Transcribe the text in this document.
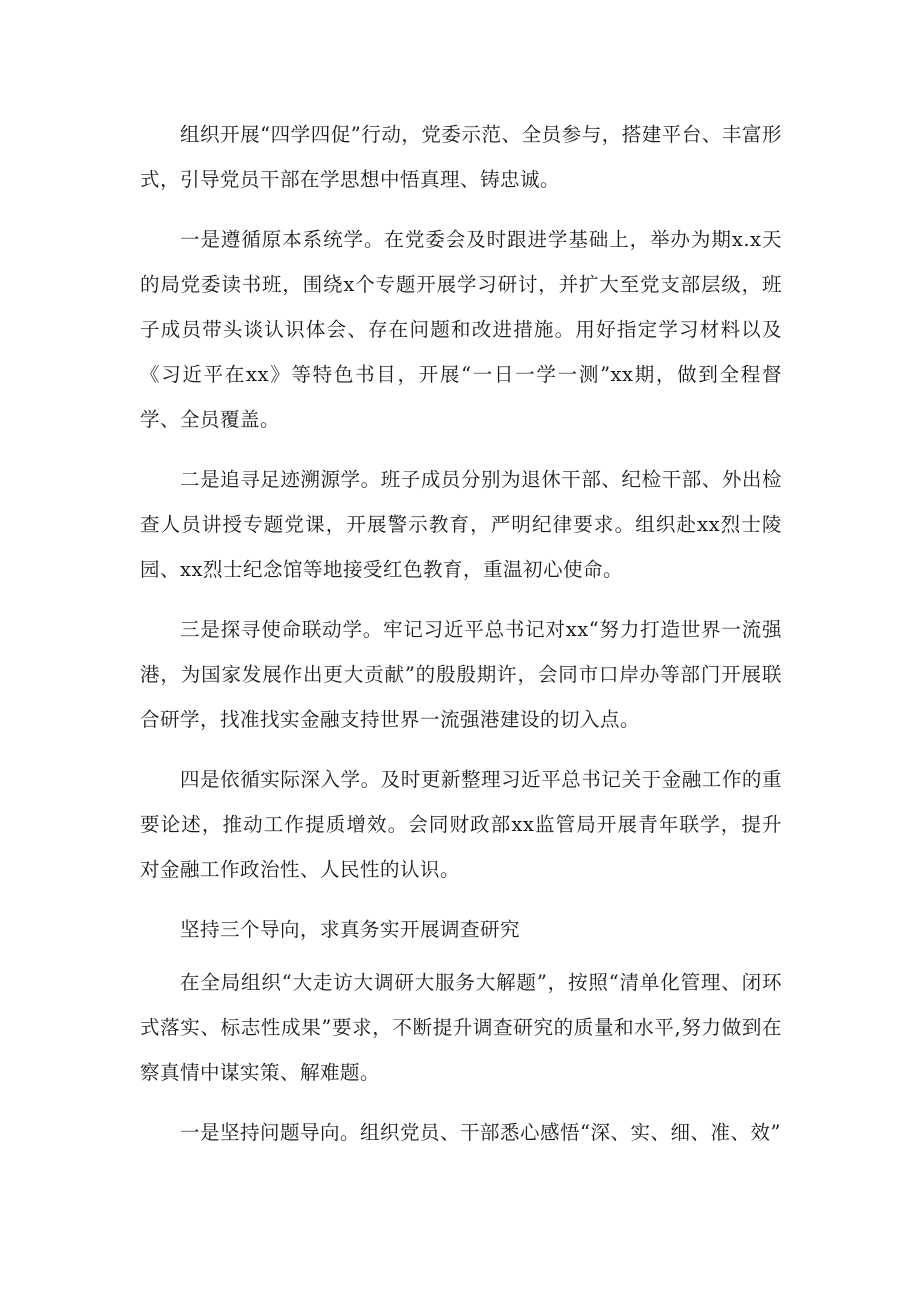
组织开展“四学四促”行动，党委示范、全员参与，搭建平台、丰富形式，引导党员干部在学思想中悟真理、铸忠诚。

一是遵循原本系统学。在党委会及时跟进学基础上，举办为期x.x天的局党委读书班，围绕x个专题开展学习研讨，并扩大至党支部层级，班子成员带头谈认识体会、存在问题和改进措施。用好指定学习材料以及《习近平在xx》等特色书目，开展“一日一学一测”xx期，做到全程督学、全员覆盖。

二是追寻足迹溯源学。班子成员分别为退休干部、纪检干部、外出检查人员讲授专题党课，开展警示教育，严明纪律要求。组织赴xx烈士陵园、xx烈士纪念馆等地接受红色教育，重温初心使命。

三是探寻使命联动学。牢记习近平总书记对xx“努力打造世界一流强港，为国家发展作出更大贡献”的殷殷期许，会同市口岸办等部门开展联合研学，找准找实金融支持世界一流强港建设的切入点。

四是依循实际深入学。及时更新整理习近平总书记关于金融工作的重要论述，推动工作提质增效。会同财政部xx监管局开展青年联学，提升对金融工作政治性、人民性的认识。

坚持三个导向，求真务实开展调查研究

在全局组织“大走访大调研大服务大解题”，按照“清单化管理、闭环式落实、标志性成果”要求，不断提升调查研究的质量和水平,努力做到在察真情中谋实策、解难题。

一是坚持问题导向。组织党员、干部悉心感悟“深、实、细、准、效”
